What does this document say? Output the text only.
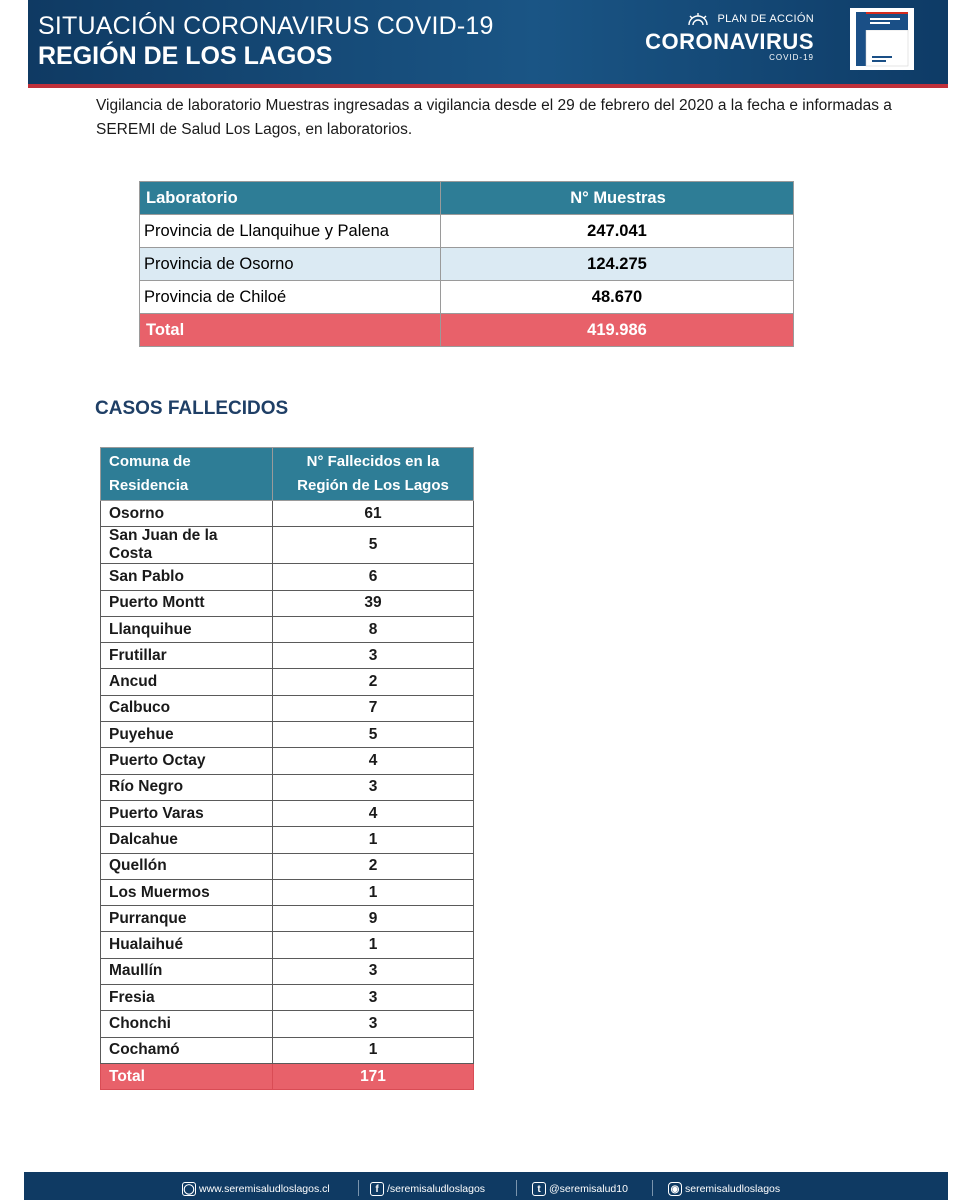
SITUACIÓN CORONAVIRUS COVID-19
REGIÓN DE LOS LAGOS
PLAN DE ACCIÓN
CORONAVIRUS
COVID-19
Vigilancia de laboratorio Muestras ingresadas a vigilancia desde el 29 de febrero del 2020 a la fecha e informadas a SEREMI de Salud Los Lagos, en laboratorios.
Laboratorio	N° Muestras
Provincia de Llanquihue y Palena	247.041
Provincia de Osorno	124.275
Provincia de Chiloé	48.670
Total	419.986
CASOS FALLECIDOS
Comuna de
Residencia	N° Fallecidos en la
Región de Los Lagos
Osorno	61
San Juan de la Costa	5
San Pablo	6
Puerto Montt	39
Llanquihue	8
Frutillar	3
Ancud	2
Calbuco	7
Puyehue	5
Puerto Octay	4
Río Negro	3
Puerto Varas	4
Dalcahue	1
Quellón	2
Los Muermos	1
Purranque	9
Hualaihué	1
Maullín	3
Fresia	3
Chonchi	3
Cochamó	1
Total	171
◯ www.seremisaludloslagos.cl	f /seremisaludloslagos	t @seremisalud10	◉ seremisaludloslagos
